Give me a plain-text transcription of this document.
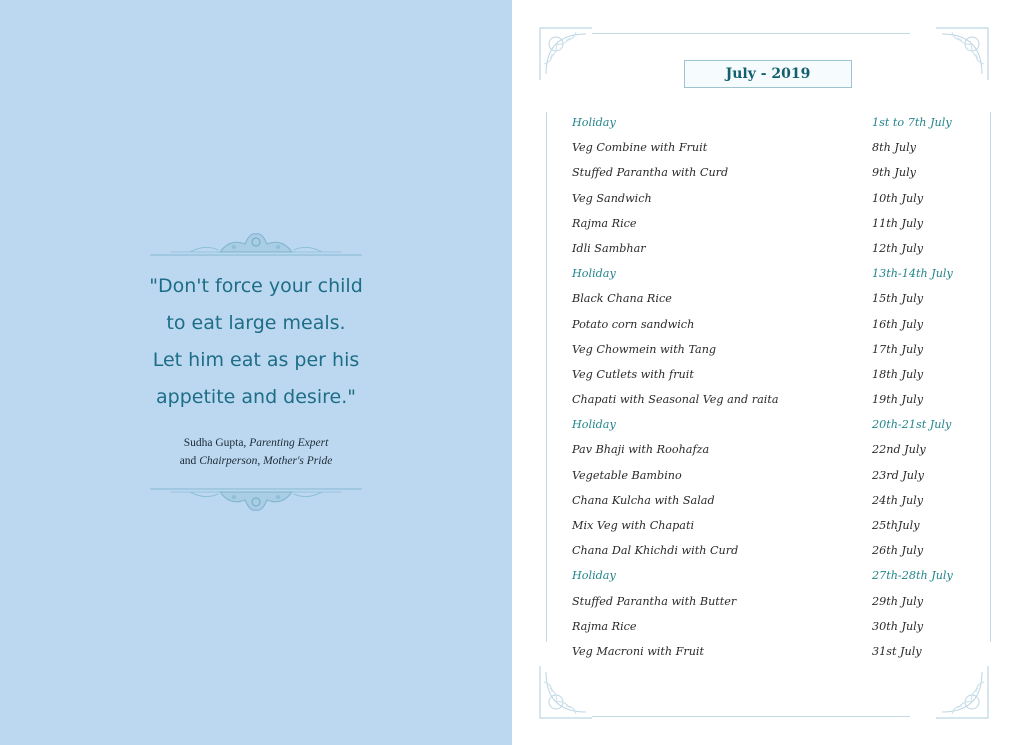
"Don't force your child
to eat large meals.
Let him eat as per his
appetite and desire."
Sudha Gupta, Parenting Expert
and Chairperson, Mother's Pride
July - 2019
Holiday	1st to 7th July
Veg Combine with Fruit	8th July
Stuffed Parantha with Curd	9th July
Veg Sandwich	10th July
Rajma Rice	11th July
Idli Sambhar	12th July
Holiday	13th-14th July
Black Chana Rice	15th July
Potato corn sandwich	16th July
Veg Chowmein with Tang	17th July
Veg Cutlets with fruit	18th July
Chapati with Seasonal Veg and raita	19th July
Holiday	20th-21st July
Pav Bhaji with Roohafza	22nd July
Vegetable Bambino	23rd July
Chana Kulcha with Salad	24th July
Mix Veg with Chapati	25thJuly
Chana Dal Khichdi with Curd	26th July
Holiday	27th-28th July
Stuffed Parantha with Butter	29th July
Rajma Rice	30th July
Veg Macroni with Fruit	31st July
